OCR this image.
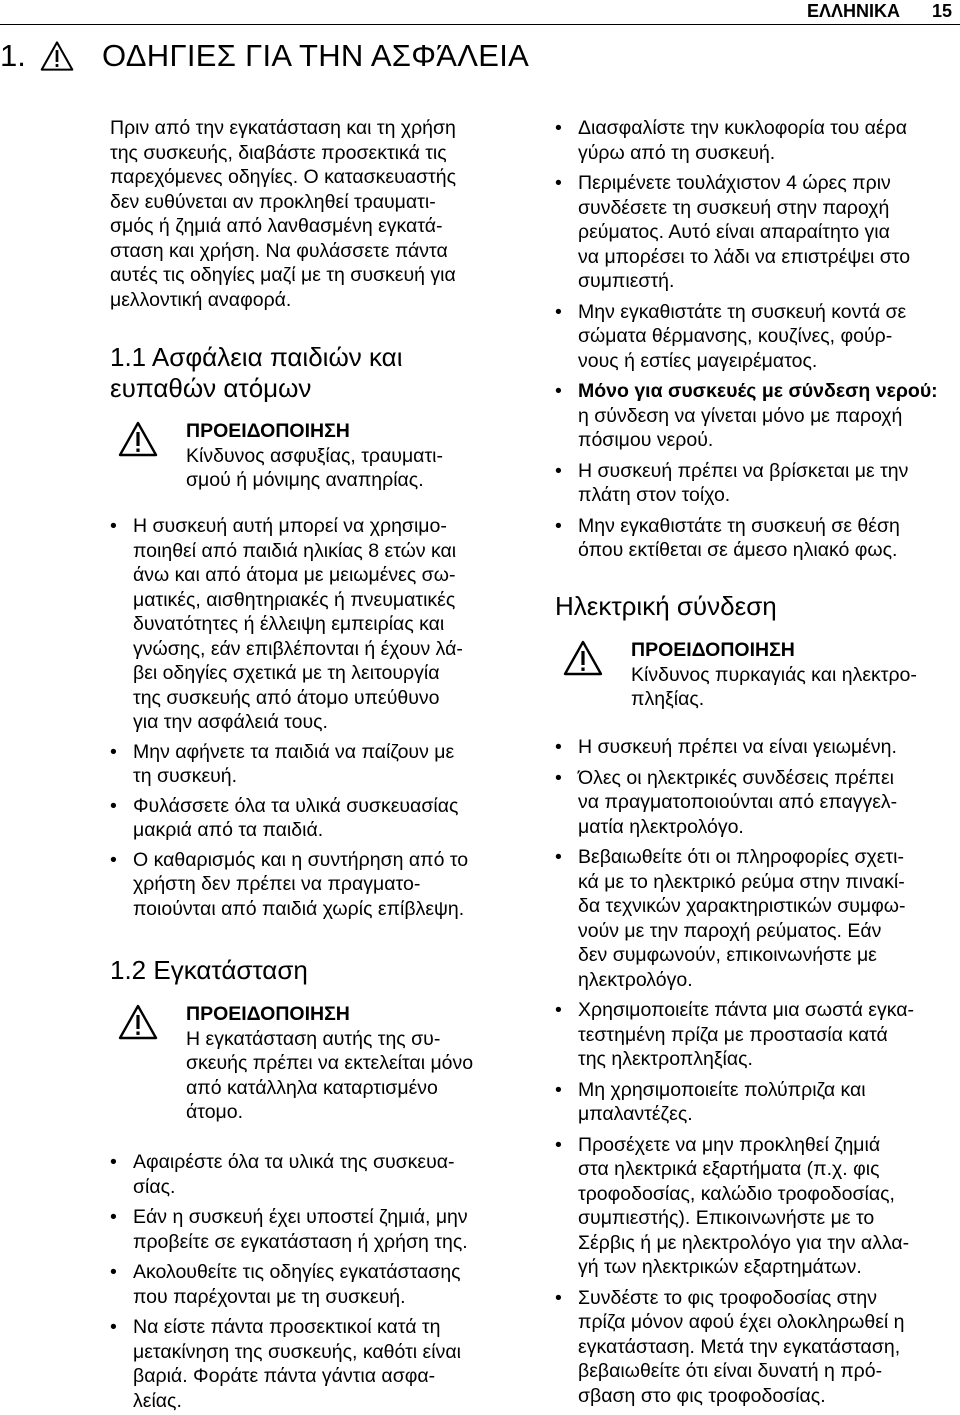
ΕΛΛΗΝΙΚΑ	15
1.	ΟΔΗΓΙΕΣ ΓΙΑ ΤΗΝ ΑΣΦΆΛΕΙΑ

Πριν από την εγκατάσταση και τη χρήση

της συσκευής, διαβάστε προσεκτικά τις

παρεχόμενες οδηγίες. Ο κατασκευαστής

δεν ευθύνεται αν προκληθεί τραυματι-

σμός ή ζημιά από λανθασμένη εγκατά-

σταση και χρήση. Να φυλάσσετε πάντα

αυτές τις οδηγίες μαζί με τη συσκευή για

μελλοντική αναφορά.

1.1 Ασφάλεια παιδιών και
ευπαθών ατόμων
ΠΡΟΕΙΔΟΠΟΙΗΣΗ
Κίνδυνος ασφυξίας, τραυματι-
σμού ή μόνιμης αναπηρίας.
• Η συσκευή αυτή μπορεί να χρησιμο-
ποιηθεί από παιδιά ηλικίας 8 ετών και
άνω και από άτομα με μειωμένες σω-
ματικές, αισθητηριακές ή πνευματικές
δυνατότητες ή έλλειψη εμπειρίας και
γνώσης, εάν επιβλέπονται ή έχουν λά-
βει οδηγίες σχετικά με τη λειτουργία
της συσκευής από άτομο υπεύθυνο
για την ασφάλειά τους.
• Μην αφήνετε τα παιδιά να παίζουν με
τη συσκευή.
• Φυλάσσετε όλα τα υλικά συσκευασίας
μακριά από τα παιδιά.
• Ο καθαρισμός και η συντήρηση από το
χρήστη δεν πρέπει να πραγματο-
ποιούνται από παιδιά χωρίς επίβλεψη.
1.2 Εγκατάσταση
ΠΡΟΕΙΔΟΠΟΙΗΣΗ
Η εγκατάσταση αυτής της συ-
σκευής πρέπει να εκτελείται μόνο
από κατάλληλα καταρτισμένο
άτομο.
• Αφαιρέστε όλα τα υλικά της συσκευα-
σίας.
• Εάν η συσκευή έχει υποστεί ζημιά, μην
προβείτε σε εγκατάσταση ή χρήση της.
• Ακολουθείτε τις οδηγίες εγκατάστασης
που παρέχονται με τη συσκευή.
• Να είστε πάντα προσεκτικοί κατά τη
μετακίνηση της συσκευής, καθότι είναι
βαριά. Φοράτε πάντα γάντια ασφα-
λείας.
• Διασφαλίστε την κυκλοφορία του αέρα
γύρω από τη συσκευή.
• Περιμένετε τουλάχιστον 4 ώρες πριν
συνδέσετε τη συσκευή στην παροχή
ρεύματος. Αυτό είναι απαραίτητο για
να μπορέσει το λάδι να επιστρέψει στο
συμπιεστή.
• Μην εγκαθιστάτε τη συσκευή κοντά σε
σώματα θέρμανσης, κουζίνες, φούρ-
νους ή εστίες μαγειρέματος.
• Μόνο για συσκευές με σύνδεση νερού:
η σύνδεση να γίνεται μόνο με παροχή
πόσιμου νερού.
• Η συσκευή πρέπει να βρίσκεται με την
πλάτη στον τοίχο.
• Μην εγκαθιστάτε τη συσκευή σε θέση
όπου εκτίθεται σε άμεσο ηλιακό φως.
Ηλεκτρική σύνδεση
ΠΡΟΕΙΔΟΠΟΙΗΣΗ
Κίνδυνος πυρκαγιάς και ηλεκτρο-
πληξίας.
• Η συσκευή πρέπει να είναι γειωμένη.
• Όλες οι ηλεκτρικές συνδέσεις πρέπει
να πραγματοποιούνται από επαγγελ-
ματία ηλεκτρολόγο.
• Βεβαιωθείτε ότι οι πληροφορίες σχετι-
κά με το ηλεκτρικό ρεύμα στην πινακί-
δα τεχνικών χαρακτηριστικών συμφω-
νούν με την παροχή ρεύματος. Εάν
δεν συμφωνούν, επικοινωνήστε με
ηλεκτρολόγο.
• Χρησιμοποιείτε πάντα μια σωστά εγκα-
τεστημένη πρίζα με προστασία κατά
της ηλεκτροπληξίας.
• Μη χρησιμοποιείτε πολύπριζα και
μπαλαντέζες.
• Προσέχετε να μην προκληθεί ζημιά
στα ηλεκτρικά εξαρτήματα (π.χ. φις
τροφοδοσίας, καλώδιο τροφοδοσίας,
συμπιεστής). Επικοινωνήστε με το
Σέρβις ή με ηλεκτρολόγο για την αλλα-
γή των ηλεκτρικών εξαρτημάτων.
• Συνδέστε το φις τροφοδοσίας στην
πρίζα μόνον αφού έχει ολοκληρωθεί η
εγκατάσταση. Μετά την εγκατάσταση,
βεβαιωθείτε ότι είναι δυνατή η πρό-
σβαση στο φις τροφοδοσίας.
